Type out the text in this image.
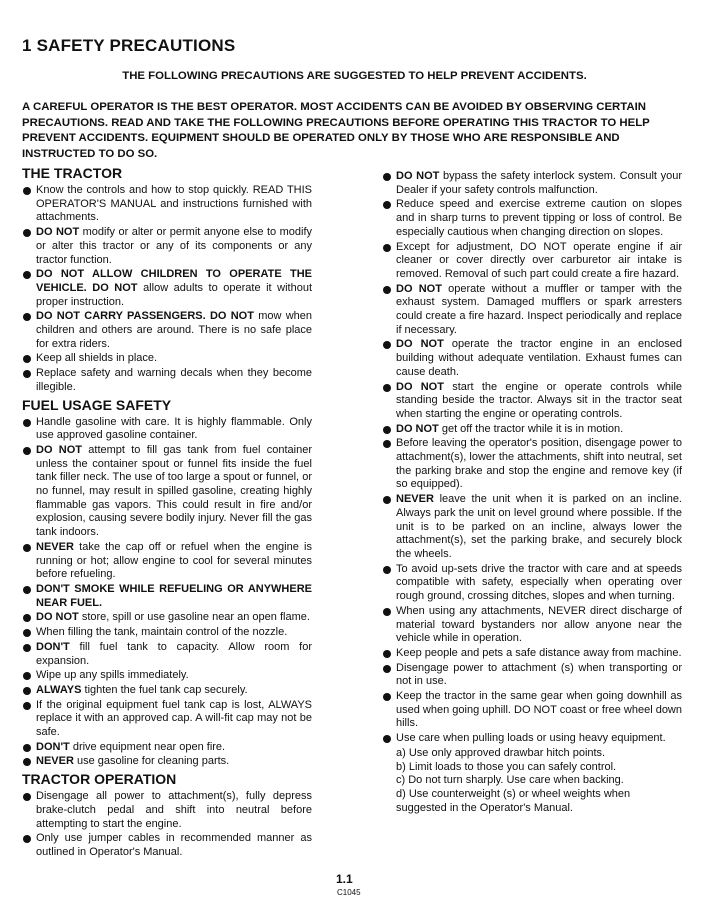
1 SAFETY PRECAUTIONS
THE FOLLOWING PRECAUTIONS ARE SUGGESTED TO HELP PREVENT ACCIDENTS.
A CAREFUL OPERATOR IS THE BEST OPERATOR. MOST ACCIDENTS CAN BE AVOIDED BY OBSERVING CERTAIN PRECAUTIONS. READ AND TAKE THE FOLLOWING PRECAUTIONS BEFORE OPERATING THIS TRACTOR TO HELP PREVENT ACCIDENTS. EQUIPMENT SHOULD BE OPERATED ONLY BY THOSE WHO ARE RESPONSIBLE AND INSTRUCTED TO DO SO.
THE TRACTOR
Know the controls and how to stop quickly. READ THIS OPERATOR'S MANUAL and instructions furnished with attachments.
DO NOT modify or alter or permit anyone else to modify or alter this tractor or any of its components or any tractor function.
DO NOT ALLOW CHILDREN TO OPERATE THE VEHICLE. DO NOT allow adults to operate it without proper instruction.
DO NOT CARRY PASSENGERS. DO NOT mow when children and others are around. There is no safe place for extra riders.
Keep all shields in place.
Replace safety and warning decals when they become illegible.
FUEL USAGE SAFETY
Handle gasoline with care. It is highly flammable. Only use approved gasoline container.
DO NOT attempt to fill gas tank from fuel container unless the container spout or funnel fits inside the fuel tank filler neck. The use of too large a spout or funnel, or no funnel, may result in spilled gasoline, creating highly flammable gas vapors. This could result in fire and/or explosion, causing severe bodily injury. Never fill the gas tank indoors.
NEVER take the cap off or refuel when the engine is running or hot; allow engine to cool for several minutes before refueling.
DON'T SMOKE WHILE REFUELING OR ANYWHERE NEAR FUEL.
DO NOT store, spill or use gasoline near an open flame.
When filling the tank, maintain control of the nozzle.
DON'T fill fuel tank to capacity. Allow room for expansion.
Wipe up any spills immediately.
ALWAYS tighten the fuel tank cap securely.
If the original equipment fuel tank cap is lost, ALWAYS replace it with an approved cap. A will-fit cap may not be safe.
DON'T drive equipment near open fire.
NEVER use gasoline for cleaning parts.
TRACTOR OPERATION
Disengage all power to attachment(s), fully depress brake-clutch pedal and shift into neutral before attempting to start the engine.
Only use jumper cables in recommended manner as outlined in Operator's Manual.
DO NOT bypass the safety interlock system. Consult your Dealer if your safety controls malfunction.
Reduce speed and exercise extreme caution on slopes and in sharp turns to prevent tipping or loss of control. Be especially cautious when changing direction on slopes.
Except for adjustment, DO NOT operate engine if air cleaner or cover directly over carburetor air intake is removed. Removal of such part could create a fire hazard.
DO NOT operate without a muffler or tamper with the exhaust system. Damaged mufflers or spark arresters could create a fire hazard. Inspect periodically and replace if necessary.
DO NOT operate the tractor engine in an enclosed building without adequate ventilation. Exhaust fumes can cause death.
DO NOT start the engine or operate controls while standing beside the tractor. Always sit in the tractor seat when starting the engine or operating controls.
DO NOT get off the tractor while it is in motion.
Before leaving the operator's position, disengage power to attachment(s), lower the attachments, shift into neutral, set the parking brake and stop the engine and remove key (if so equipped).
NEVER leave the unit when it is parked on an incline. Always park the unit on level ground where possible. If the unit is to be parked on an incline, always lower the attachment(s), set the parking brake, and securely block the wheels.
To avoid up-sets drive the tractor with care and at speeds compatible with safety, especially when operating over rough ground, crossing ditches, slopes and when turning.
When using any attachments, NEVER direct discharge of material toward bystanders nor allow anyone near the vehicle while in operation.
Keep people and pets a safe distance away from machine.
Disengage power to attachment (s) when transporting or not in use.
Keep the tractor in the same gear when going downhill as used when going uphill. DO NOT coast or free wheel down hills.
Use care when pulling loads or using heavy equipment.
a) Use only approved drawbar hitch points.
b) Limit loads to those you can safely control.
c) Do not turn sharply. Use care when backing.
d) Use counterweight (s) or wheel weights when suggested in the Operator's Manual.
1.1
C1045
